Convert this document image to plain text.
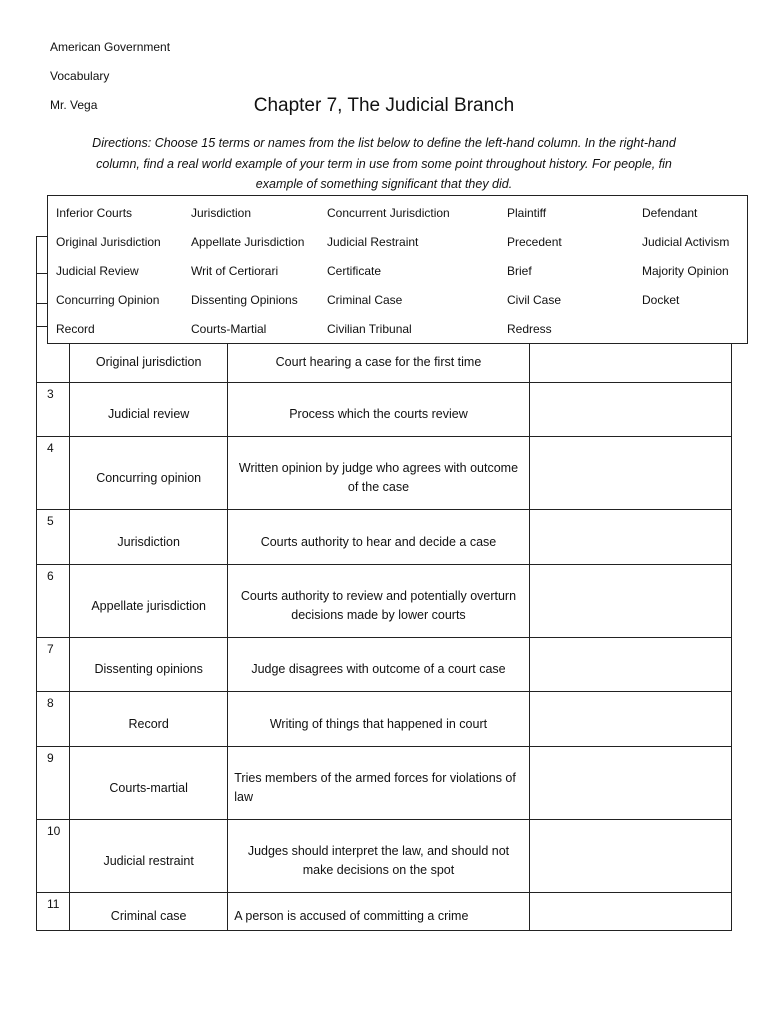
American Government
Vocabulary
Mr. Vega	Chapter 7, The Judicial Branch
Directions: Choose 15 terms or names from the list below to define the left-hand column. In the right-hand column, find a real world example of your term in use from some point throughout history. For people, fin example of something significant that they did.

	Original jurisdiction	Court hearing a case for the first time	

3	Judicial review	Process which the courts review	

4	Concurring opinion	Written opinion by judge who agrees with outcome of the case	

5	Jurisdiction	Courts authority to hear and decide a case	

6	Appellate jurisdiction	Courts authority to review and potentially overturn decisions made by lower courts	

7	Dissenting opinions	Judge disagrees with outcome of a court case	

8	Record	Writing of things that happened in court	

9	Courts-martial	Tries members of the armed forces for violations of law	

10	Judicial restraint	Judges should interpret the law, and should not make decisions on the spot	

11	Criminal case	A person is accused of committing a crime	

Inferior Courts	Jurisdiction	Concurrent Jurisdiction	Plaintiff	Defendant
Original Jurisdiction	Appellate Jurisdiction	Judicial Restraint	Precedent	Judicial Activism
Judicial Review	Writ of Certiorari	Certificate	Brief	Majority Opinion
Concurring Opinion	Dissenting Opinions	Criminal Case	Civil Case	Docket
Record	Courts-Martial	Civilian Tribunal	Redress	
